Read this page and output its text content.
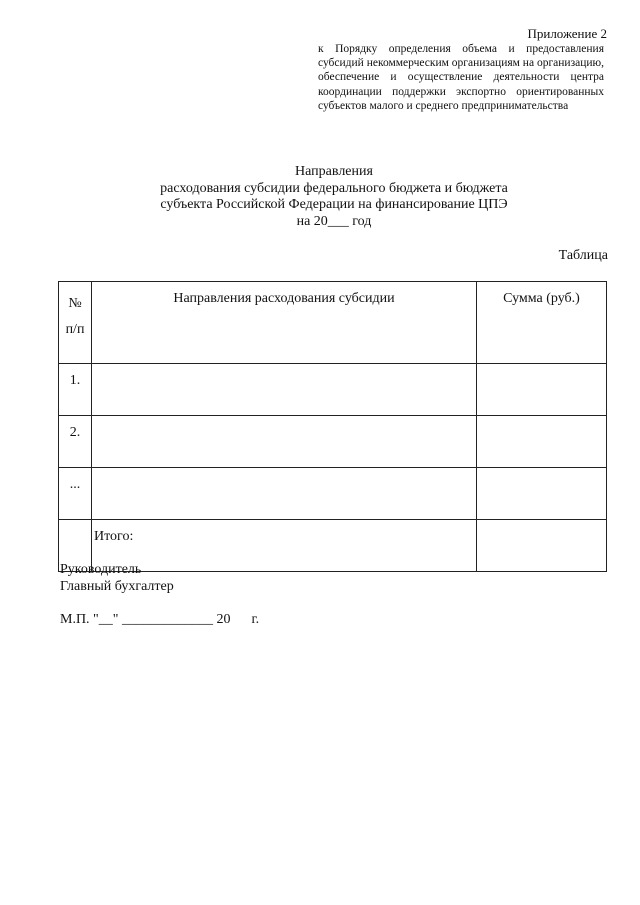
Приложение 2
к Порядку определения объема и предоставления субсидий некоммерческим организациям на организацию, обеспечение и осуществление деятельности центра координации поддержки экспортно ориентированных субъектов малого и среднего предпринимательства
Направления
расходования субсидии федерального бюджета и бюджета
субъекта Российской Федерации на финансирование ЦПЭ
на 20___ год
Таблица
№
п/п	Направления расходования субсидии	Сумма (руб.)
1.		
2.		
...		
	Итого:	
Руководитель
Главный бухгалтер
М.П. "__" _____________ 20      г.
